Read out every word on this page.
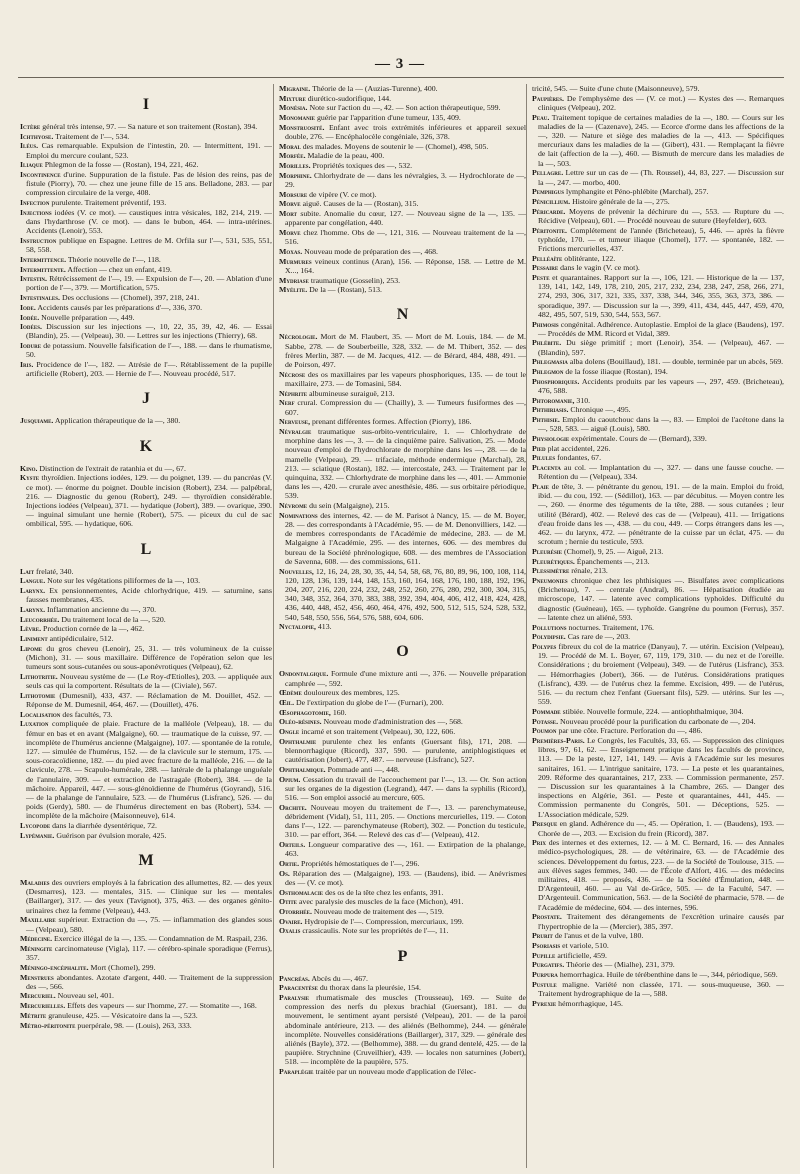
— 3 —
I
Ictère général très intense, 97. — Sa nature et son traitement (Rostan), 394.
Ichthyose. Traitement de l'—, 534.
Iléus. Cas remarquable. Expulsion de l'intestin, 20. — Intermittent, 191. — Emploi du mercure coulant, 523.
Iliaque Phlegmon de la fosse — (Rostan), 194, 221, 462.
Incontinence d'urine. Suppuration de la fistule. Pas de lésion des reins, pas de fistule (Piorry), 70. — chez une jeune fille de 15 ans. Belladone, 283. — par compression circulaire de la verge, 408.
Infection purulente. Traitement préventif, 193.
Injections iodées (V. ce mot). — caustiques intra vésicales, 182, 214, 219. — dans l'hydarthrose (V. ce mot). — dans le bubon, 464. — intra-utérines. Accidents (Lenoir), 553.
Instruction publique en Espagne. Lettres de M. Orfila sur l'—, 531, 535, 551, 58, 558.
Intermittence. Théorie nouvelle de l'—, 118.
Intermittente. Affection — chez un enfant, 419.
Intestin. Rétrécissement de l'—, 19. — Expulsion de l'—, 20. — Ablation d'une portion de l'—, 379. — Mortification, 575.
Intestinales. Des occlusions — (Chomel), 397, 218, 241.
Iode. Accidents causés par les préparations d'—, 336, 370.
Iodée. Nouvelle préparation —, 449.
Iodées. Discussion sur les injections —, 10, 22, 35, 39, 42, 46. — Essai (Blandin), 25. — (Velpeau), 30. — Lettres sur les injections (Thierry), 68.
Iodure de potassium. Nouvelle falsification de l'—, 188. — dans le rhumatisme, 50.
Iris. Procidence de l'—, 182. — Atrésie de l'—. Rétablissement de la pupille artificielle (Robert), 203. — Hernie de l'—. Nouveau procédé, 517.
J
Jusquiame. Application thérapeutique de la —, 380.
K
Kino. Distinction de l'extrait de ratanhia et du —, 67.
Kyste thyroïdien. Injections iodées, 129. — du poignet, 139. — du pancréas (V. ce mot). — énorme du poignet. Double incision (Robert), 234. — palpébral, 216. — Diagnostic du genou (Robert), 249. — thyroïdien considérable. Injections iodées (Velpeau), 371. — hydatique (Jobert), 389. — ovarique, 390. — inguinal simulant une hernie (Robert), 575. — piceux du cul de sac ombilical, 595. — hydatique, 606.
L
Lait frelaté, 340.
Langue. Note sur les végétations piliformes de la —, 103.
Larynx. Ex pensionnementes, Acide chlorhydrique, 419. — saturnine, sans fausses membranes, 435.
Larynx. Inflammation ancienne du —, 370.
Leucorrhée. Du traitement local de la —, 520.
Lèvre. Production cornée de la —, 462.
Liniment antipédiculaire, 512.
Lipome du gros cheveu (Lenoir), 25, 31. — très volumineux de la cuisse (Michon), 31. — sous maxillaire. Différence de l'opération selon que les tumeurs sont sous-cutanées ou sous-aponévrotiques (Velpeau), 62.
Lithotritie. Nouveau système de — (Le Roy-d'Etiolles), 203. — appliquée aux seuls cas qui la comportent. Résultats de la — (Civiale), 567.
Lithotomie (Dumesnil), 433, 437. — Réclamation de M. Douillet, 452. — Réponse de M. Dumesnil, 464, 467. — (Douillet), 476.
Localisation des facultés, 73.
Luxation compliquée de plaie. Fracture de la malléole (Velpeau), 18. — du fémur en bas et en avant (Malgaigne), 60. — traumatique de la cuisse, 97. — incomplète de l'humérus ancienne (Malgaigne), 107. — spontanée de la rotule, 127. — simulée de l'humérus, 152. — de la clavicule sur le sternum, 175. — sous-coracoïdienne, 182. — du pied avec fracture de la malléole, 216. — de la clavicule, 278. — Scapulo-humérale, 288. — latérale de la phalange unguéale de l'annulaire, 309. — et extraction de l'astragale (Robert), 384. — de la mâchoire. Appareil, 447. — sous-glénoïdienne de l'humérus (Goyrand), 516. — de la phalange de l'annulaire, 523. — de l'humérus (Lisfranc), 526. — du poids (Gerdy), 580. — de l'humérus directement en bas (Robert), 534. — incomplète de la mâchoire (Maisonneuve), 614.
Lycopode dans la diarrhée dysentérique, 72.
Lypémanie. Guérison par évulsion morale, 425.
M
Maladies des ouvriers employés à la fabrication des allumettes, 82. — des yeux (Desmarres), 123. — mentales, 315. — Clinique sur les — mentales (Baillarger), 317. — des yeux (Tavignot), 375, 463. — des organes génito-urinaires chez la femme (Velpeau), 443.
Maxillaire supérieur. Extraction du —, 75. — inflammation des glandes sous — (Velpeau), 580.
Médecine. Exercice illégal de la —, 135. — Condamnation de M. Raspail, 236.
Méningite carcinomateuse (Vigla), 117. — cérébro-spinale sporadique (Ferrus), 357.
Méningo-encéphalite. Mort (Chomel), 299.
Menstrues abondantes. Azotate d'argent, 440. — Traitement de la suppression des —, 566.
Mercuriel. Nouveau sel, 401.
Mercurielles. Effets des vapeurs — sur l'homme, 27. — Stomatite —, 168.
Métrite granuleuse, 425. — Vésicatoire dans la —, 523.
Métro-péritonite puerpérale, 98. — (Louis), 263, 333.
Migraine. Théorie de la — (Auzias-Turenne), 400.
Mixture diurético-sudorifique, 144.
Monésia. Note sur l'action du —, 42. — Son action thérapeutique, 599.
Monomanie guérie par l'apparition d'une tumeur, 135, 409.
Monstruosité. Enfant avec trois extrémités inférieures et appareil sexuel double, 276. — Encéphalocèle congéniale, 326, 378.
Moral des malades. Moyens de soutenir le — (Chomel), 498, 505.
Morfée. Maladie de la peau, 400.
Morilles. Propriétés toxiques des —, 532.
Morphine. Chlorhydrate de — dans les névralgies, 3. — Hydrochlorate de —, 29.
Morsure de vipère (V. ce mot).
Morve aiguë. Causes de la — (Rostan), 315.
Mort subite. Anomalie du cœur, 127. — Nouveau signe de la —, 135. — apparente par congélation, 440.
Morve chez l'homme. Obs de —, 121, 316. — Nouveau traitement de la —, 516.
Moxas. Nouveau mode de préparation des —, 468.
Murmures veineux continus (Aran), 156. — Réponse, 158. — Lettre de M. X..., 164.
Mydriase traumatique (Gosselin), 253.
Myélite. De la — (Rostan), 513.
N
Nécrologie. Mort de M. Flaubert, 35. — Mort de M. Louis, 184. — de M. Sabbe, 278. — de Souberbeille, 328, 332. — de M. Thibert, 352. — des frères Merlin, 387. — de M. Jacques, 412. — de Bérard, 484, 488, 491. — de Poirson, 497.
Nécrose des os maxillaires par les vapeurs phosphoriques, 135. — de tout le maxillaire, 273. — de Tomasini, 584.
Néphrite albumineuse suraiguë, 213.
Nerf crural. Compression du — (Chailly), 3. — Tumeurs fusiformes des —, 607.
Nerveuse, prenant différentes formes. Affection (Piorry), 186.
Névralgie traumatique sus-orbito-ventriculaire, 1. — Chlorhydrate de morphine dans les —, 3. — de la cinquième paire. Salivation, 25. — Mode nouveau d'emploi de l'hydrochlorate de morphine dans les —, 28. — de la mamelle (Velpeau), 29. — trifaciale, méthode endermique (Marchal), 28, 213. — sciatique (Rostan), 182. — intercostale, 243. — Traitement par le quinquina, 332. — Chlorhydrate de morphine dans les —, 401. — Ammonie dans les —, 420. — crurale avec anesthésie, 486. — sus orbitaire périodique, 539.
Névrome du sein (Malgaigne), 215.
Nominations des internes, 42. — de M. Parisot à Nancy, 15. — de M. Boyer, 28. — des correspondants à l'Académie, 95. — de M. Denonvilliers, 142. — de membres correspondants de l'Académie de médecine, 283. — de M. Malgaigne à l'Académie, 295. — des internes, 606. — des membres du bureau de la Société phrénologique, 608. — des membres de l'Association de Savenna, 608. — des commissions, 611.
Nouvelles, 12, 16, 24, 28, 30, 35, 44, 54, 58, 68, 76, 80, 89, 96, 100, 108, 114, 120, 128, 136, 139, 144, 148, 153, 160, 164, 168, 176, 180, 188, 192, 196, 204, 207, 216, 220, 224, 232, 248, 252, 260, 276, 280, 292, 300, 304, 315, 340, 348, 352, 364, 370, 383, 388, 392, 394, 404, 406, 412, 418, 424, 428, 436, 440, 448, 452, 456, 460, 464, 476, 492, 500, 512, 515, 524, 528, 532, 540, 548, 550, 556, 564, 576, 588, 604, 606.
Nyctalopie, 413.
O
Ondontalgique. Formule d'une mixture anti —, 376. — Nouvelle préparation camphrée —, 592.
Œdème douloureux des membres, 125.
Œil. De l'extirpation du globe de l'— (Furnari), 200.
Œsophagotomie, 160.
Oléo-résines. Nouveau mode d'administration des —, 568.
Ongle incarné et son traitement (Velpeau), 30, 122, 606.
Ophthalmie purulente chez les enfants (Guersant fils), 171, 208. — blennorrhagique (Ricord), 337, 590. — purulente, antiphlogistiques et cautérisation (Jobert), 477, 487. — nerveuse (Lisfranc), 527.
Ophthalmique. Pommade anti —, 448.
Opium. Cessation du travail de l'accouchement par l'—, 13. — Or. Son action sur les organes de la digestion (Legrand), 447. — dans la syphilis (Ricord), 516. — Son emploi associé au mercure, 605.
Orchite. Nouveau moyen du traitement de l'—, 13. — parenchymateuse, débridement (Vidal), 51, 111, 205. — Onctions mercurielles, 119. — Coton dans l'—, 122. — parenchymateuse (Robert), 302. — Ponction du testicule, 310. — par effort, 364. — Relevé des cas d'— (Velpeau), 412.
Orteils. Longueur comparative des —, 161. — Extirpation de la phalange, 463.
Ortie. Propriétés hémostatiques de l'—, 296.
Os. Réparation des — (Malgaigne), 193. — (Baudens), ibid. — Anévrismes des — (V. ce mot).
Osthomalacie des os de la tête chez les enfants, 391.
Otite avec paralysie des muscles de la face (Michon), 491.
Otorrhée. Nouveau mode de traitement des —, 519.
Ovaire. Hydropisie de l'—. Compression, mercuriaux, 199.
Oxalis crassicaulis. Note sur les propriétés de l'—, 11.
P
Pancréas. Abcès du —, 467.
Paracentèse du thorax dans la pleurésie, 154.
Paralysie rhumatismale des muscles (Trousseau), 169. — Suite de compression des nerfs du plexus brachial (Guersant), 181. — du mouvement, le sentiment ayant persisté (Velpeau), 201. — de la paroi abdominale antérieure, 213. — des aliénés (Belhomme), 244. — générale incomplète. Nouvelles considérations (Baillarger), 317, 329. — générale des aliénés (Bayle), 372. — (Belhomme), 388. — du grand dentelé, 425. — de la paupière. Strychnine (Cruveilhier), 439. — locales non saturnines (Jobert), 518. — incomplète de la paupière, 575.
Paraplégie traitée par un nouveau mode d'application de l'élec-
tricité, 545. — Suite d'une chute (Maisonneuve), 579.
Paupières. De l'emphysème des — (V. ce mot.) — Kystes des —. Remarques cliniques (Velpeau), 202.
Peau. Traitement topique de certaines maladies de la —, 180. — Cours sur les maladies de la — (Cazenave), 245. — Ecorce d'orme dans les affections de la —, 320. — Nature et siège des maladies de la —, 413. — Spécifiques mercuriaux dans les maladies de la — (Gibert), 431. — Remplaçant la fièvre de lait (affection de la —), 460. — Bismuth de mercure dans les maladies de la —, 503.
Pellagre. Lettre sur un cas de — (Th. Roussel), 44, 83, 227. — Discussion sur la —, 247. — morbo, 400.
Pemphigus lymphangite et Péno-phlébite (Marchal), 257.
Pénicillium. Histoire générale de la —, 275.
Péricarde. Moyens de prévenir la déchirure du —, 553. — Rupture du —. Récidive (Velpeau), 601. — Procédé nouveau de suture (Heyfelder), 603.
Péritonite. Complétement de l'année (Bricheteau), 5, 446. — après la fièvre typhoïde, 170. — et tumeur iliaque (Chomel), 177. — spontanée, 182. — Frictions mercurielles, 437.
Pelléaïte oblitérante, 122.
Pessaire dans le vagin (V. ce mot).
Peste et quarantaines. Rapport sur la —, 106, 121. — Historique de la — 137, 139, 141, 142, 149, 178, 210, 205, 217, 232, 234, 238, 247, 258, 266, 271, 274, 293, 306, 317, 321, 335, 337, 338, 344, 346, 355, 363, 373, 386. — sporadique, 397. — Discussion sur la —, 399, 411, 434, 445, 447, 459, 470, 482, 495, 507, 519, 530, 544, 553, 567.
Phimosis congénital. Adhérence. Autoplastie. Emploi de la glace (Baudens), 197. — Procédés de MM. Ricord et Vidal, 389.
Phlébite. Du siège primitif ; mort (Lenoir), 354. — (Velpeau), 467. — (Blandin), 597.
Phlegmasia alba dolens (Bouillaud), 181. — double, terminée par un abcès, 569.
Phlegmon de la fosse iliaque (Rostan), 194.
Phosphoriques. Accidents produits par les vapeurs —, 297, 459. (Bricheteau), 476, 588.
Phtoromanie, 310.
Phthiriasis. Chronique —, 495.
Phthisie. Emploi du caoutchouc dans la —, 83. — Emploi de l'acétone dans la —, 528, 583. — aiguë (Louis), 580.
Physiologie expérimentale. Cours de — (Bernard), 339.
Pied plat accidentel, 226.
Pilules fondantes, 67.
Placenta au col. — Implantation du —, 327. — dans une fausse couche. — Rétention du — (Velpeau), 334.
Plaie de tête, 3. — pénétrante du genou, 191. — de la main. Emploi du froid, ibid. — du cou, 192. — (Sédillot), 163. — par décubitus. — Moyen contre les —, 260. — énorme des téguments de la tête, 288. — sous cutanées ; leur utilité (Bérard), 402. — Relevé des cas de — (Velpeau), 411. — Irrigations d'eau froide dans les —, 438. — du cou, 449. — Corps étrangers dans les —, 462. — du larynx, 472. — pénétrante de la cuisse par un éclat, 475. — du scrotum ; hernie du testicule, 593.
Pleurésie (Chomel), 9, 25. — Aiguë, 213.
Pleurétiques. Épanchements —, 213.
Plessimètre rénale, 213.
Pneumonies chronique chez les phthisiques —. Bisulfates avec complications (Bricheteau), 7. — centrale (Andral), 86. — Hépatisation étudiée au microscope, 147. — latente avec complications typhoïdes. Difficulté du diagnostic (Guéneau), 165. — typhoïde. Gangrène du poumon (Ferrus), 357. — latente chez un aliéné, 593.
Pollutions nocturnes. Traitement, 176.
Polydipsie. Cas rare de —, 203.
Polypes fibreux du col de la matrice (Danyau), 7. — utérin. Excision (Velpeau), 19. — Procédé de M. L. Boyer, 67, 119, 179, 310. — du nez et de l'oreille. Considérations ; du broiement (Velpeau), 349. — de l'utérus (Lisfranc), 353. — Hémorrhagies (Jobert), 366. — de l'utérus. Considérations pratiques (Lisfranc), 439. — de l'utérus chez la femme. Excision, 499. — de l'utérus, 516. — du rectum chez l'enfant (Guersant fils), 529. — utérins. Sur les —, 559.
Pommade stibiée. Nouvelle formule, 224. — antiophthalmique, 304.
Potasse. Nouveau procédé pour la purification du carbonate de —, 204.
Poumon par une côte. Fracture. Perforation du —, 486.
Premières-Paris. Le Congrès, les Facultés, 33, 65. — Suppression des cliniques libres, 97, 61, 62. — Enseignement pratique dans les facultés de province, 113. — De la peste, 127, 141, 149. — Avis à l'Académie sur les mesures sanitaires, 161. — L'intrigue sanitaire, 173. — La peste et les quarantaines, 209. Réforme des quarantaines, 217, 233. — Commission permanente, 257. — Discussion sur les quarantaines à la Chambre, 265. — Danger des inspections en Algérie, 361. — Peste et quarantaines, 441, 445. — Commission permanente du Congrès, 501. — Déceptions, 525. — L'Association médicale, 529.
Presque en gland. Adhérence du —, 45. — Opération, 1. — (Baudens), 193. — Chorée de —, 203. — Excision du frein (Ricord), 387.
Prix des internes et des externes, 12. — à M. C. Bernard, 16. — des Annales médico-psychologiques, 28. — de vétérinaire, 63. — de l'Académie des sciences. Développement du fœtus, 223. — de la Société de Toulouse, 315. — aux élèves sages femmes, 340. — de l'École d'Alfort, 416. — des médecins militaires, 418. — proposés, 436. — de la Société d'Émulation, 448. — D'Argenteuil, 460. — au Val de-Grâce, 505. — de la Faculté, 547. — D'Argenteuil. Communication, 563. — de la Société de pharmacie, 578. — de l'Académie de médecine, 604. — des internes, 596.
Prostate. Traitement des dérangements de l'excrétion urinaire causés par l'hypertrophie de la — (Mercier), 385, 397.
Prurit de l'anus et de la vulve, 180.
Psoriasis et variole, 510.
Pupille artificielle, 459.
Purgatifs. Théorie des — (Mialhe), 231, 379.
Purpura hemorrhagica. Huile de térébenthine dans le —, 344, périodique, 569.
Pustule maligne. Variété non classée, 171. — sous-muqueuse, 360. — Traitement hydrographique de la —, 588.
Pyrexie hémorrhagique, 145.
